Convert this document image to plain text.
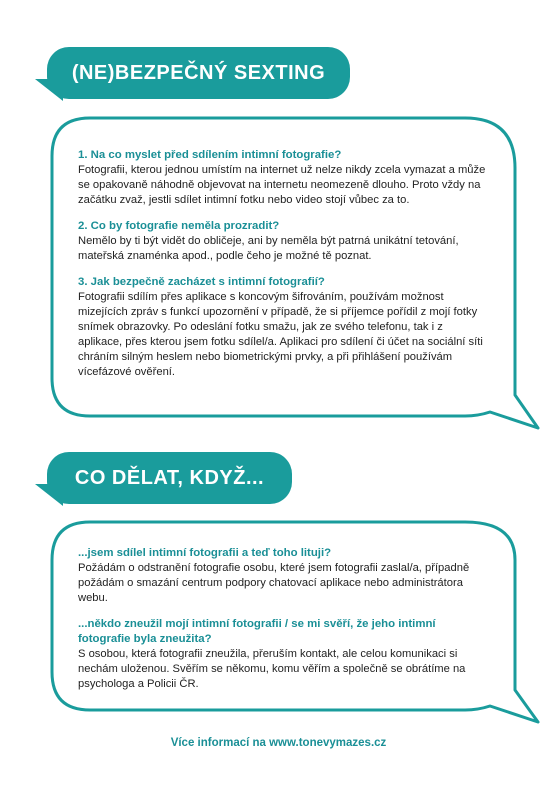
(NE)BEZPEČNÝ SEXTING

1. Na co myslet před sdílením intimní fotografie?

Fotografii, kterou jednou umístím na internet už nelze nikdy zcela vymazat a může se opakovaně náhodně objevovat na internetu neomezeně dlouho. Proto vždy na začátku zvaž, jestli sdílet intimní fotku nebo video stojí vůbec za to.

2. Co by fotografie neměla prozradit?

Nemělo by ti být vidět do obličeje, ani by neměla být patrná unikátní tetování, mateřská znaménka apod., podle čeho je možné tě poznat.

3. Jak bezpečně zacházet s intimní fotografií?

Fotografii sdílím přes aplikace s koncovým šifrováním, používám možnost mizejících zpráv s funkcí upozornění v případě, že si příjemce pořídil z mojí fotky snímek obrazovky. Po odeslání fotku smažu, jak ze svého telefonu, tak i z aplikace, přes kterou jsem fotku sdílel/a. Aplikaci pro sdílení či účet na sociální síti chráním silným heslem nebo biometrickými prvky, a při přihlášení používám vícefázové ověření.

CO DĚLAT, KDYŽ...

...jsem sdílel intimní fotografii a teď toho lituji?

Požádám o odstranění fotografie osobu, které jsem fotografii zaslal/a, případně požádám o smazání centrum podpory chatovací aplikace nebo administrátora webu.

...někdo zneužil mojí intimní fotografii / se mi svěří, že jeho intimní fotografie byla zneužita?

S osobou, která fotografii zneužila, přeruším kontakt, ale celou komunikaci si nechám uloženou. Svěřím se někomu, komu věřím a společně se obrátíme na psychologa a Policii ČR.

Více informací na www.tonevymazes.cz
